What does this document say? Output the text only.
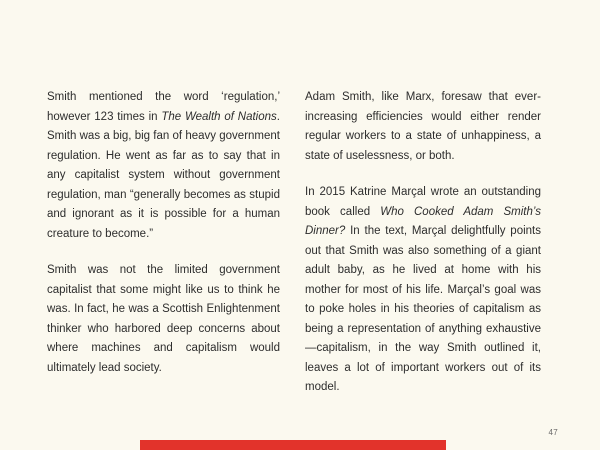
Smith mentioned the word ‘regulation,’ however 123 times in The Wealth of Nations. Smith was a big, big fan of heavy government regulation. He went as far as to say that in any capitalist system without government regulation, man “generally becomes as stupid and ignorant as it is possible for a human creature to become.”

Smith was not the limited government capitalist that some might like us to think he was. In fact, he was a Scottish Enlightenment thinker who harbored deep concerns about where machines and capitalism would ultimately lead society.

Adam Smith, like Marx, foresaw that ever-increasing efficiencies would either render regular workers to a state of unhappiness, a state of uselessness, or both.

In 2015 Katrine Marçal wrote an outstanding book called Who Cooked Adam Smith’s Dinner? In the text, Marçal delightfully points out that Smith was also something of a giant adult baby, as he lived at home with his mother for most of his life. Marçal’s goal was to poke holes in his theories of capitalism as being a representation of anything exhaustive—capitalism, in the way Smith outlined it, leaves a lot of important workers out of its model.

47
